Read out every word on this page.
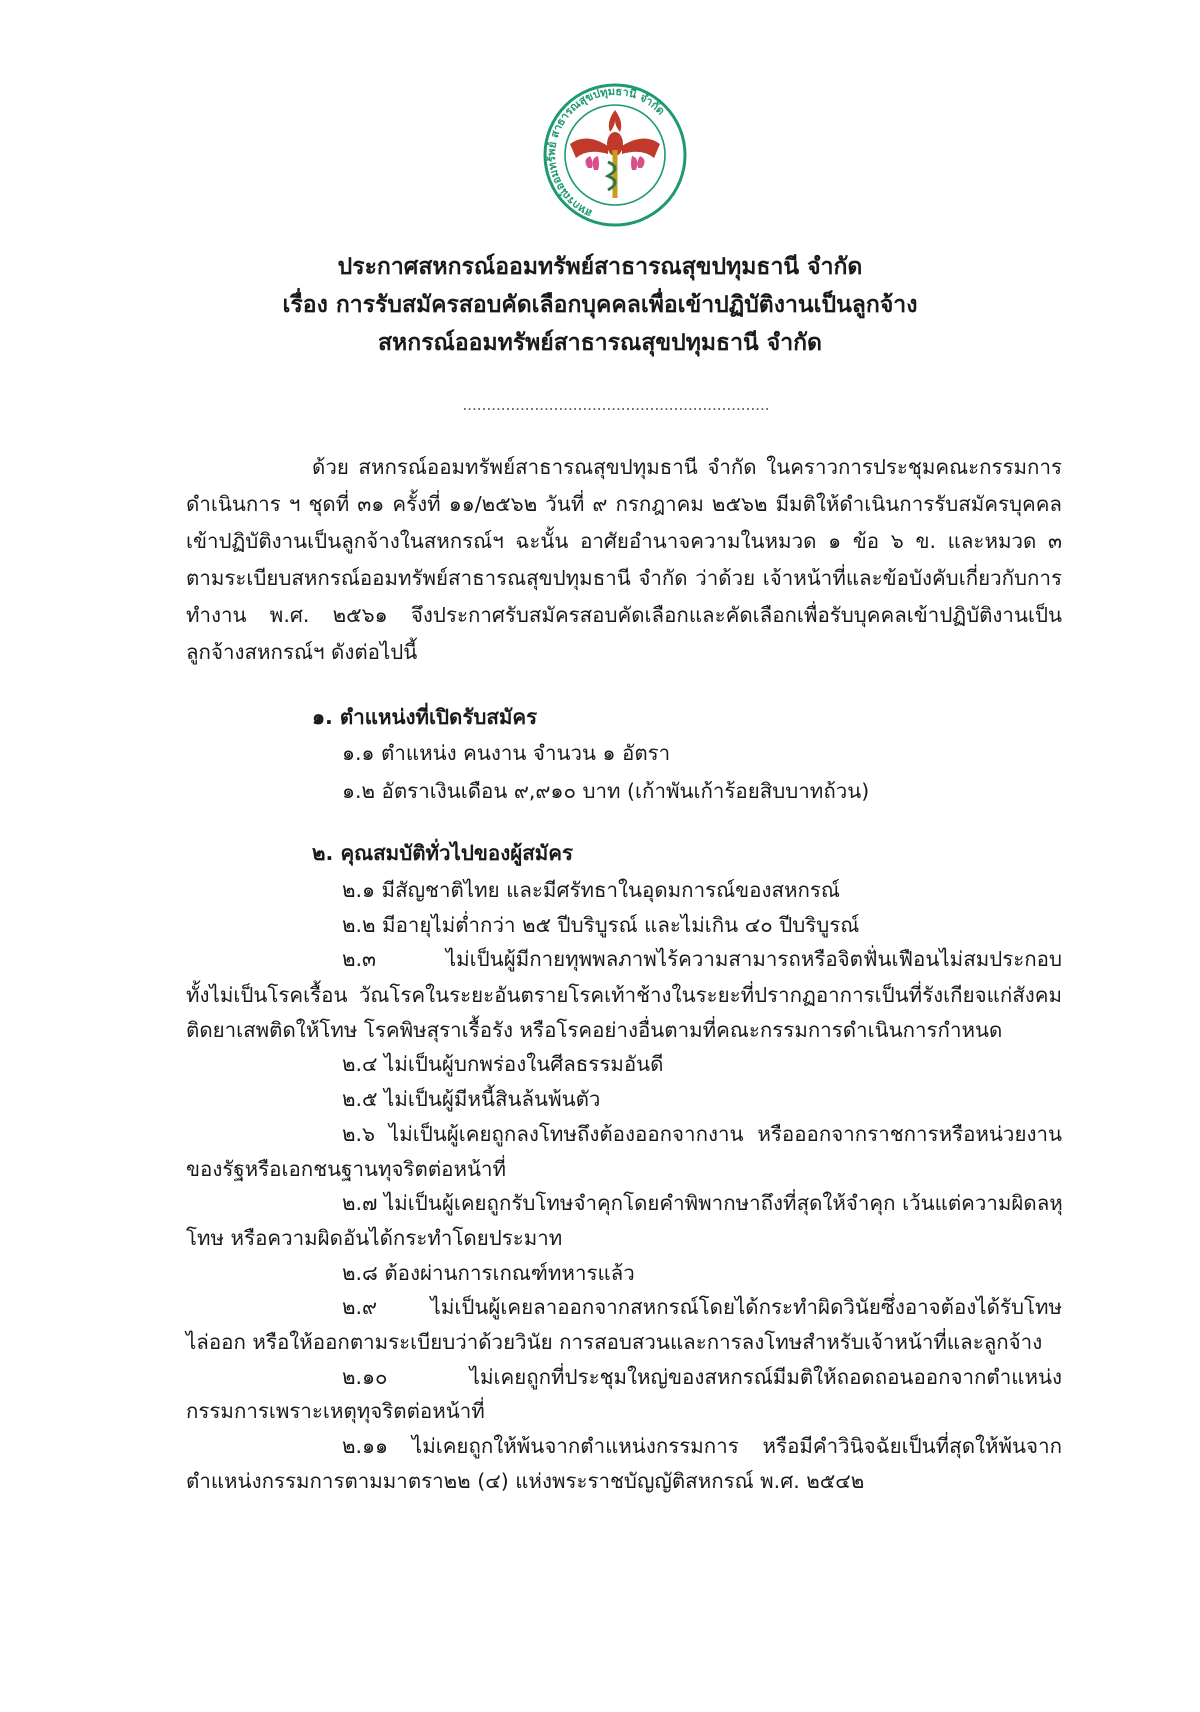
สหกรณ์ออมทรัพย์ สาธารณสุขปทุมธานี จำกัด
ประกาศสหกรณ์ออมทรัพย์สาธารณสุขปทุมธานี จำกัด
เรื่อง การรับสมัครสอบคัดเลือกบุคคลเพื่อเข้าปฏิบัติงานเป็นลูกจ้าง
สหกรณ์ออมทรัพย์สาธารณสุขปทุมธานี จำกัด
ด้วย สหกรณ์ออมทรัพย์สาธารณสุขปทุมธานี จำกัด ในคราวการประชุมคณะกรรมการ
ดำเนินการ ฯ ชุดที่ ๓๑ ครั้งที่ ๑๑/๒๕๖๒ วันที่ ๙ กรกฎาคม ๒๕๖๒ มีมติให้ดำเนินการรับสมัครบุคคล
เข้าปฏิบัติงานเป็นลูกจ้างในสหกรณ์ฯ ฉะนั้น อาศัยอำนาจความในหมวด ๑ ข้อ ๖ ข. และหมวด ๓
ตามระเบียบสหกรณ์ออมทรัพย์สาธารณสุขปทุมธานี จำกัด ว่าด้วย เจ้าหน้าที่และข้อบังคับเกี่ยวกับการ
ทำงาน พ.ศ. ๒๕๖๑ จึงประกาศรับสมัครสอบคัดเลือกและคัดเลือกเพื่อรับบุคคลเข้าปฏิบัติงานเป็น
ลูกจ้างสหกรณ์ฯ ดังต่อไปนี้
๑. ตำแหน่งที่เปิดรับสมัคร
๑.๑ ตำแหน่ง คนงาน จำนวน ๑ อัตรา
๑.๒ อัตราเงินเดือน ๙,๙๑๐ บาท (เก้าพันเก้าร้อยสิบบาทถ้วน)
๒. คุณสมบัติทั่วไปของผู้สมัคร
๒.๑ มีสัญชาติไทย และมีศรัทธาในอุดมการณ์ของสหกรณ์
๒.๒ มีอายุไม่ต่ำกว่า ๒๕ ปีบริบูรณ์ และไม่เกิน ๔๐ ปีบริบูรณ์
๒.๓ ไม่เป็นผู้มีกายทุพพลภาพไร้ความสามารถหรือจิตฟั่นเฟือนไม่สมประกอบ
ทั้งไม่เป็นโรคเรื้อน วัณโรคในระยะอันตรายโรคเท้าช้างในระยะที่ปรากฏอาการเป็นที่รังเกียจแก่สังคม
ติดยาเสพติดให้โทษ โรคพิษสุราเรื้อรัง หรือโรคอย่างอื่นตามที่คณะกรรมการดำเนินการกำหนด
๒.๔ ไม่เป็นผู้บกพร่องในศีลธรรมอันดี
๒.๕ ไม่เป็นผู้มีหนี้สินล้นพ้นตัว
๒.๖ ไม่เป็นผู้เคยถูกลงโทษถึงต้องออกจากงาน หรือออกจากราชการหรือหน่วยงาน
ของรัฐหรือเอกชนฐานทุจริตต่อหน้าที่
๒.๗ ไม่เป็นผู้เคยถูกรับโทษจำคุกโดยคำพิพากษาถึงที่สุดให้จำคุก เว้นแต่ความผิดลหุ
โทษ หรือความผิดอันได้กระทำโดยประมาท
๒.๘ ต้องผ่านการเกณฑ์ทหารแล้ว
๒.๙ ไม่เป็นผู้เคยลาออกจากสหกรณ์โดยได้กระทำผิดวินัยซึ่งอาจต้องได้รับโทษ
ไล่ออก หรือให้ออกตามระเบียบว่าด้วยวินัย การสอบสวนและการลงโทษสำหรับเจ้าหน้าที่และลูกจ้าง
๒.๑๐ ไม่เคยถูกที่ประชุมใหญ่ของสหกรณ์มีมติให้ถอดถอนออกจากตำแหน่ง
กรรมการเพราะเหตุทุจริตต่อหน้าที่
๒.๑๑ ไม่เคยถูกให้พ้นจากตำแหน่งกรรมการ หรือมีคำวินิจฉัยเป็นที่สุดให้พ้นจาก
ตำแหน่งกรรมการตามมาตรา๒๒ (๔) แห่งพระราชบัญญัติสหกรณ์ พ.ศ. ๒๕๔๒
